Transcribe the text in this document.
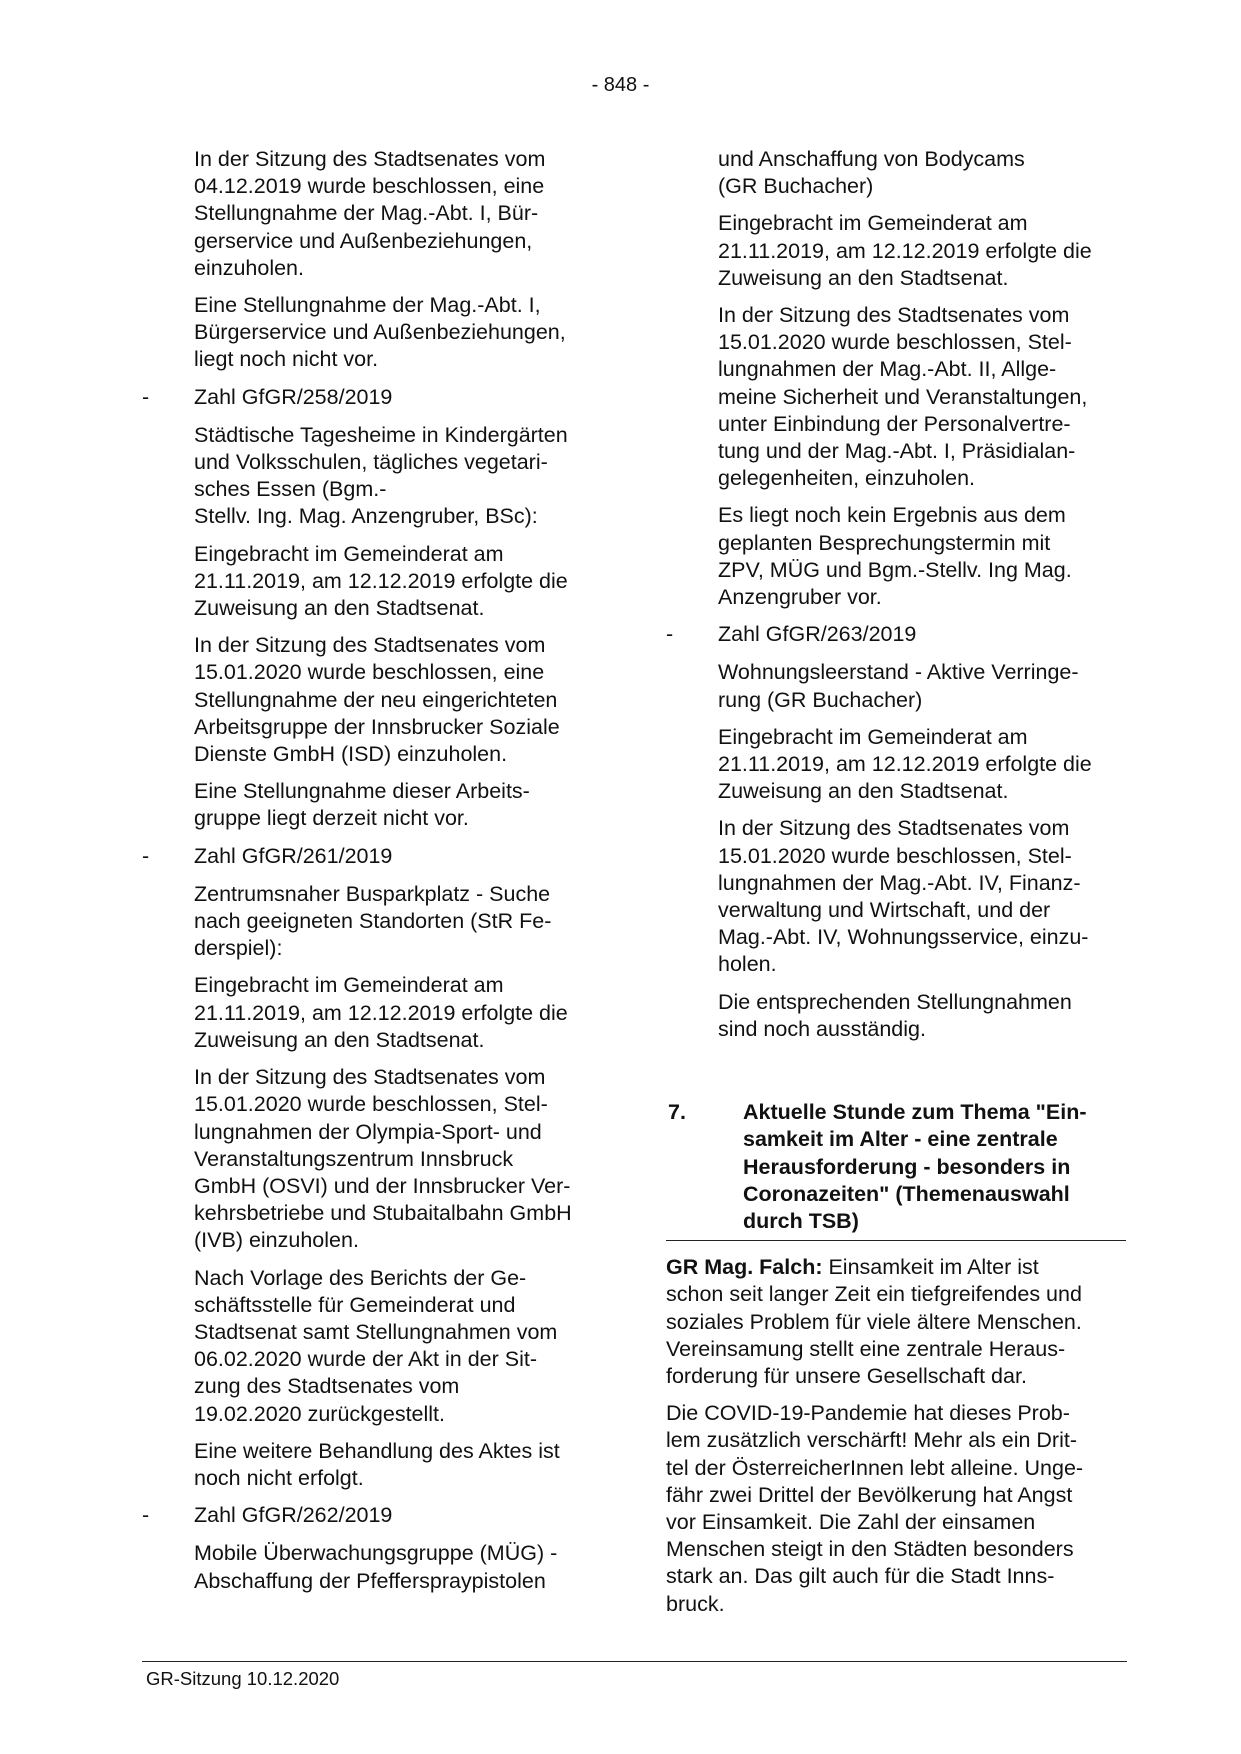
- 848 -
In der Sitzung des Stadtsenates vom
04.12.2019 wurde beschlossen, eine
Stellungnahme der Mag.-Abt. I, Bür-
gerservice und Außenbeziehungen,
einzuholen.
Eine Stellungnahme der Mag.-Abt. I,
Bürgerservice und Außenbeziehungen,
liegt noch nicht vor.
-	Zahl GfGR/258/2019
Städtische Tagesheime in Kindergärten
und Volksschulen, tägliches vegetari-
sches Essen (Bgm.-
Stellv. Ing. Mag. Anzengruber, BSc):
Eingebracht im Gemeinderat am
21.11.2019, am 12.12.2019 erfolgte die
Zuweisung an den Stadtsenat.
In der Sitzung des Stadtsenates vom
15.01.2020 wurde beschlossen, eine
Stellungnahme der neu eingerichteten
Arbeitsgruppe der Innsbrucker Soziale
Dienste GmbH (ISD) einzuholen.
Eine Stellungnahme dieser Arbeits-
gruppe liegt derzeit nicht vor.
-	Zahl GfGR/261/2019
Zentrumsnaher Busparkplatz - Suche
nach geeigneten Standorten (StR Fe-
derspiel):
Eingebracht im Gemeinderat am
21.11.2019, am 12.12.2019 erfolgte die
Zuweisung an den Stadtsenat.
In der Sitzung des Stadtsenates vom
15.01.2020 wurde beschlossen, Stel-
lungnahmen der Olympia-Sport- und
Veranstaltungszentrum Innsbruck
GmbH (OSVI) und der Innsbrucker Ver-
kehrsbetriebe und Stubaitalbahn GmbH
(IVB) einzuholen.
Nach Vorlage des Berichts der Ge-
schäftsstelle für Gemeinderat und
Stadtsenat samt Stellungnahmen vom
06.02.2020 wurde der Akt in der Sit-
zung des Stadtsenates vom
19.02.2020 zurückgestellt.
Eine weitere Behandlung des Aktes ist
noch nicht erfolgt.
-	Zahl GfGR/262/2019
Mobile Überwachungsgruppe (MÜG) -
Abschaffung der Pfefferspraypistolen
und Anschaffung von Bodycams
(GR Buchacher)
Eingebracht im Gemeinderat am
21.11.2019, am 12.12.2019 erfolgte die
Zuweisung an den Stadtsenat.
In der Sitzung des Stadtsenates vom
15.01.2020 wurde beschlossen, Stel-
lungnahmen der Mag.-Abt. II, Allge-
meine Sicherheit und Veranstaltungen,
unter Einbindung der Personalvertre-
tung und der Mag.-Abt. I, Präsidialan-
gelegenheiten, einzuholen.
Es liegt noch kein Ergebnis aus dem
geplanten Besprechungstermin mit
ZPV, MÜG und Bgm.-Stellv. Ing Mag.
Anzengruber vor.
-	Zahl GfGR/263/2019
Wohnungsleerstand - Aktive Verringe-
rung (GR Buchacher)
Eingebracht im Gemeinderat am
21.11.2019, am 12.12.2019 erfolgte die
Zuweisung an den Stadtsenat.
In der Sitzung des Stadtsenates vom
15.01.2020 wurde beschlossen, Stel-
lungnahmen der Mag.-Abt. IV, Finanz-
verwaltung und Wirtschaft, und der
Mag.-Abt. IV, Wohnungsservice, einzu-
holen.
Die entsprechenden Stellungnahmen
sind noch ausständig.
7.	Aktuelle Stunde zum Thema "Ein-
samkeit im Alter - eine zentrale
Herausforderung - besonders in
Coronazeiten" (Themenauswahl
durch TSB)
GR Mag. Falch: Einsamkeit im Alter ist
schon seit langer Zeit ein tiefgreifendes und
soziales Problem für viele ältere Menschen.
Vereinsamung stellt eine zentrale Heraus-
forderung für unsere Gesellschaft dar.
Die COVID-19-Pandemie hat dieses Prob-
lem zusätzlich verschärft! Mehr als ein Drit-
tel der ÖsterreicherInnen lebt alleine. Unge-
fähr zwei Drittel der Bevölkerung hat Angst
vor Einsamkeit. Die Zahl der einsamen
Menschen steigt in den Städten besonders
stark an. Das gilt auch für die Stadt Inns-
bruck.
GR-Sitzung 10.12.2020
